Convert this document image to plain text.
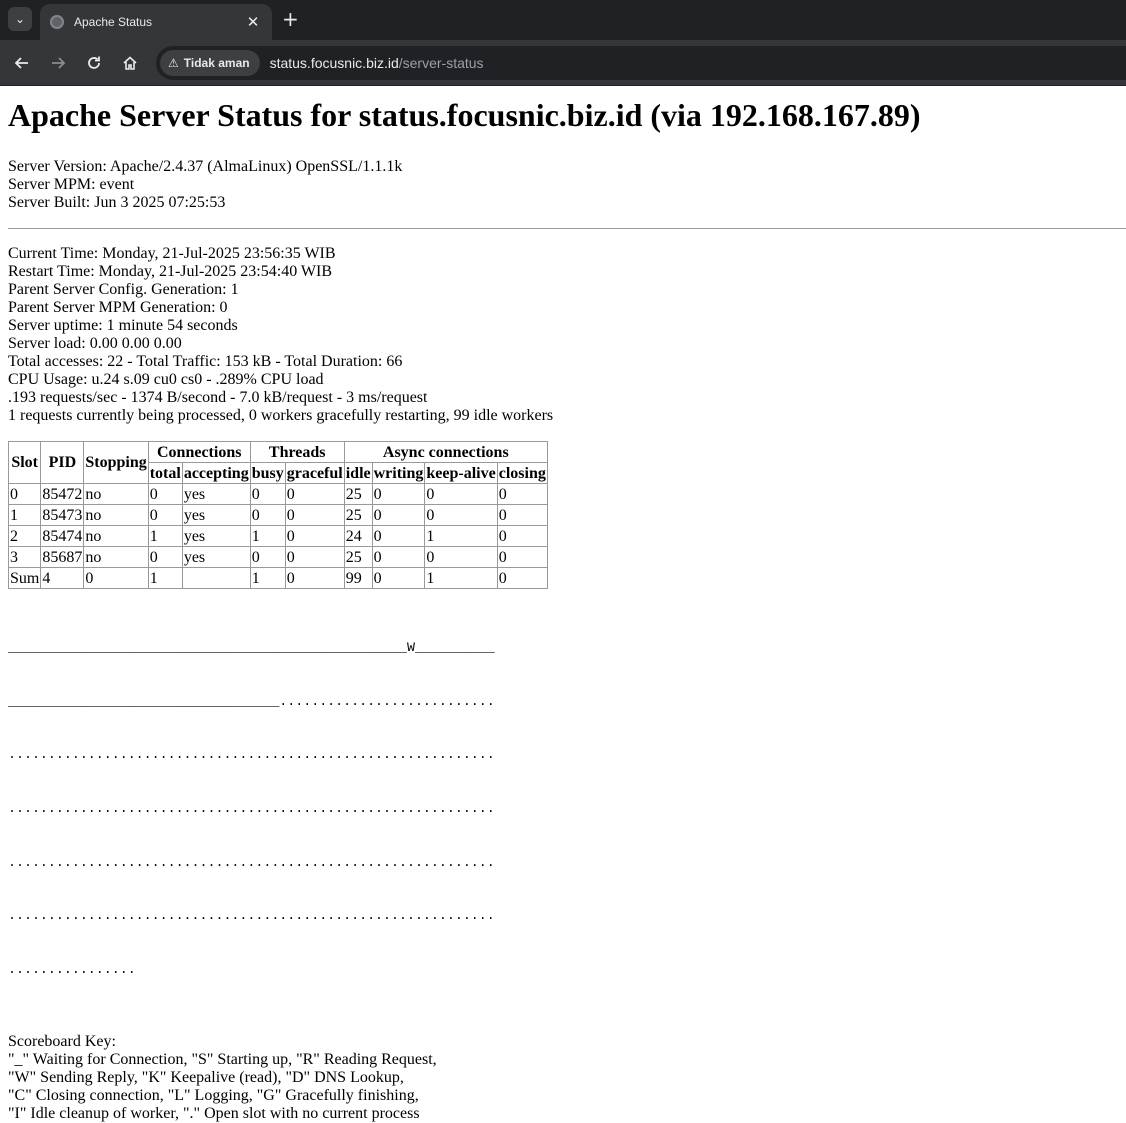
⌄	Apache Status	✕ +
⚠ Tidak aman status.focusnic.biz.id/server-status
Apache Server Status for status.focusnic.biz.id (via 192.168.167.89)
Server Version: Apache/2.4.37 (AlmaLinux) OpenSSL/1.1.1k
Server MPM: event
Server Built: Jun 3 2025 07:25:53
Current Time: Monday, 21-Jul-2025 23:56:35 WIB
Restart Time: Monday, 21-Jul-2025 23:54:40 WIB
Parent Server Config. Generation: 1
Parent Server MPM Generation: 0
Server uptime: 1 minute 54 seconds
Server load: 0.00 0.00 0.00
Total accesses: 22 - Total Traffic: 153 kB - Total Duration: 66
CPU Usage: u.24 s.09 cu0 cs0 - .289% CPU load
.193 requests/sec - 1374 B/second - 7.0 kB/request - 3 ms/request
1 requests currently being processed, 0 workers gracefully restarting, 99 idle workers
Slot	PID	Stopping	Connections		Threads		Async connections			
			total	accepting	busy	graceful	idle	writing	keep-alive	closing
0	85472	no	0	yes	0	0	25	0	0	0
1	85473	no	0	yes	0	0	25	0	0	0
2	85474	no	1	yes	1	0	24	0	1	0
3	85687	no	0	yes	0	0	25	0	0	0
Sum	4	0	1		1	0	99	0	1	0

__________________________________________________W__________

__________________________________...........................

.............................................................

.............................................................

.............................................................

.............................................................

................

Scoreboard Key:
"_" Waiting for Connection, "S" Starting up, "R" Reading Request,
"W" Sending Reply, "K" Keepalive (read), "D" DNS Lookup,
"C" Closing connection, "L" Logging, "G" Gracefully finishing,
"I" Idle cleanup of worker, "." Open slot with no current process
